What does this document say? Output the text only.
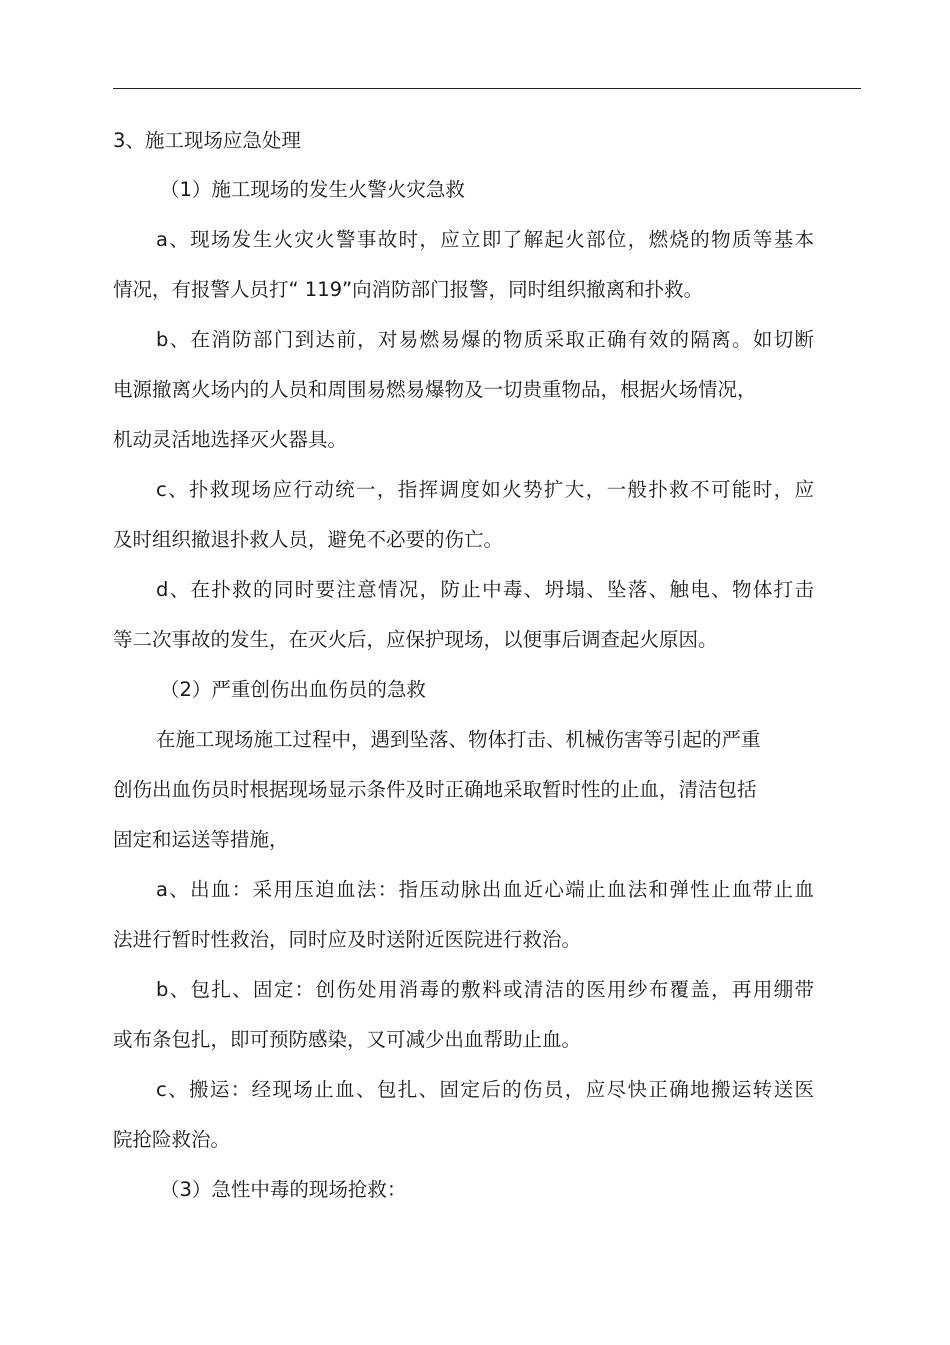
3、施工现场应急处理
（1）施工现场的发生火警火灾急救
a、现场发生火灾火警事故时，应立即了解起火部位，燃烧的物质等基本
情况，有报警人员打“ 119”向消防部门报警，同时组织撤离和扑救。
b、在消防部门到达前，对易燃易爆的物质采取正确有效的隔离。如切断
电源撤离火场内的人员和周围易燃易爆物及一切贵重物品，根据火场情况，
机动灵活地选择灭火器具。
c、扑救现场应行动统一，指挥调度如火势扩大，一般扑救不可能时，应
及时组织撤退扑救人员，避免不必要的伤亡。
d、在扑救的同时要注意情况，防止中毒、坍塌、坠落、触电、物体打击
等二次事故的发生，在灭火后，应保护现场，以便事后调查起火原因。
（2）严重创伤出血伤员的急救
在施工现场施工过程中，遇到坠落、物体打击、机械伤害等引起的严重
创伤出血伤员时根据现场显示条件及时正确地采取暂时性的止血，清洁包括
固定和运送等措施，
a、出血：采用压迫血法：指压动脉出血近心端止血法和弹性止血带止血
法进行暂时性救治，同时应及时送附近医院进行救治。
b、包扎、固定：创伤处用消毒的敷料或清洁的医用纱布覆盖，再用绷带
或布条包扎，即可预防感染，又可减少出血帮助止血。
c、搬运：经现场止血、包扎、固定后的伤员，应尽快正确地搬运转送医
院抢险救治。
（3）急性中毒的现场抢救：
